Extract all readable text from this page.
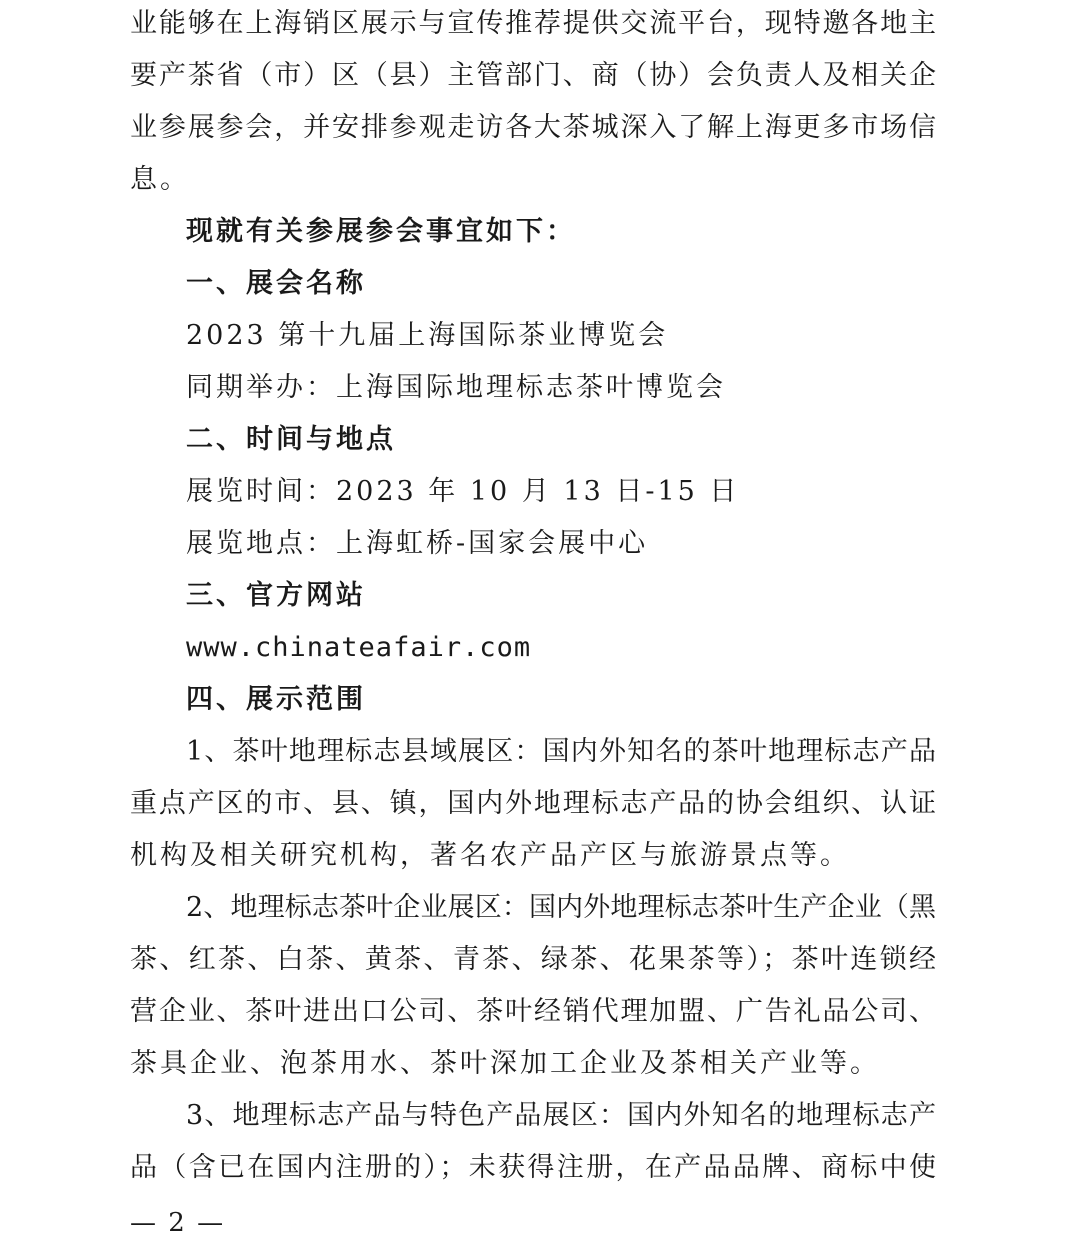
业能够在上海销区展示与宣传推荐提供交流平台，现特邀各地主
要产茶省（市）区（县）主管部门、商（协）会负责人及相关企
业参展参会，并安排参观走访各大茶城深入了解上海更多市场信
息。
现就有关参展参会事宜如下：
一、展会名称
2023 第十九届上海国际茶业博览会
同期举办：上海国际地理标志茶叶博览会
二、时间与地点
展览时间：2023 年 10 月 13 日-15 日
展览地点：上海虹桥-国家会展中心
三、官方网站
www.chinateafair.com
四、展示范围
1、茶叶地理标志县域展区：国内外知名的茶叶地理标志产品
重点产区的市、县、镇，国内外地理标志产品的协会组织、认证
机构及相关研究机构，著名农产品产区与旅游景点等。
2、地理标志茶叶企业展区：国内外地理标志茶叶生产企业（黑
茶、红茶、白茶、黄茶、青茶、绿茶、花果茶等）；茶叶连锁经
营企业、茶叶进出口公司、茶叶经销代理加盟、广告礼品公司、
茶具企业、泡茶用水、茶叶深加工企业及茶相关产业等。
3、地理标志产品与特色产品展区：国内外知名的地理标志产
品（含已在国内注册的）；未获得注册，在产品品牌、商标中使
— 2 —
